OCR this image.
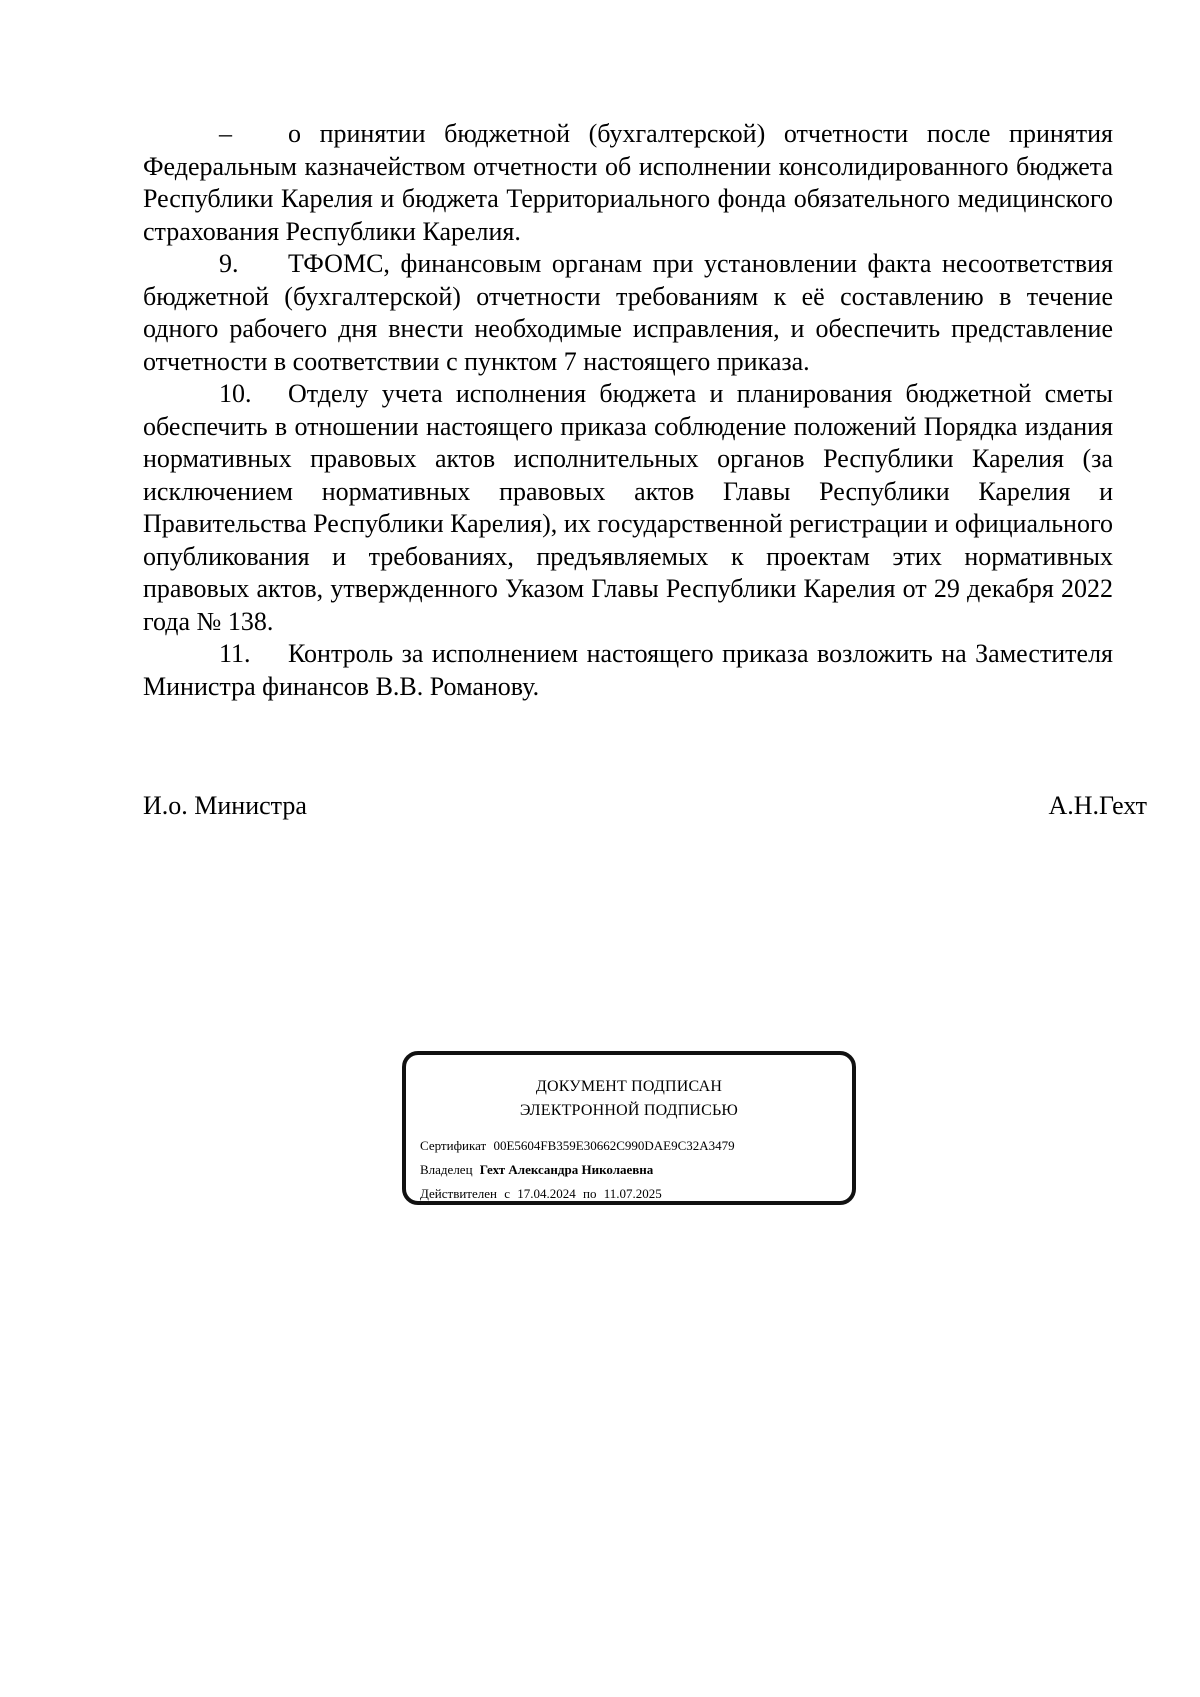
– о принятии бюджетной (бухгалтерской) отчетности после принятия Федеральным казначейством отчетности об исполнении консолидированного бюджета Республики Карелия и бюджета Территориального фонда обязательного медицинского страхования Республики Карелия.

9. ТФОМС, финансовым органам при установлении факта несоответствия бюджетной (бухгалтерской) отчетности требованиям к её составлению в течение одного рабочего дня внести необходимые исправления, и обеспечить представление отчетности в соответствии с пунктом 7 настоящего приказа.

10. Отделу учета исполнения бюджета и планирования бюджетной сметы обеспечить в отношении настоящего приказа соблюдение положений Порядка издания нормативных правовых актов исполнительных органов Республики Карелия (за исключением нормативных правовых актов Главы Республики Карелия и Правительства Республики Карелия), их государственной регистрации и официального опубликования и требованиях, предъявляемых к проектам этих нормативных правовых актов, утвержденного Указом Главы Республики Карелия от 29 декабря 2022 года № 138.

11. Контроль за исполнением настоящего приказа возложить на Заместителя Министра финансов В.В. Романову.

И.о. Министра	А.Н.Гехт
ДОКУМЕНТ ПОДПИСАН
ЭЛЕКТРОННОЙ ПОДПИСЬЮ
Сертификат 00E5604FB359E30662C990DAE9C32A3479
Владелец Гехт Александра Николаевна
Действителен с 17.04.2024 по 11.07.2025
